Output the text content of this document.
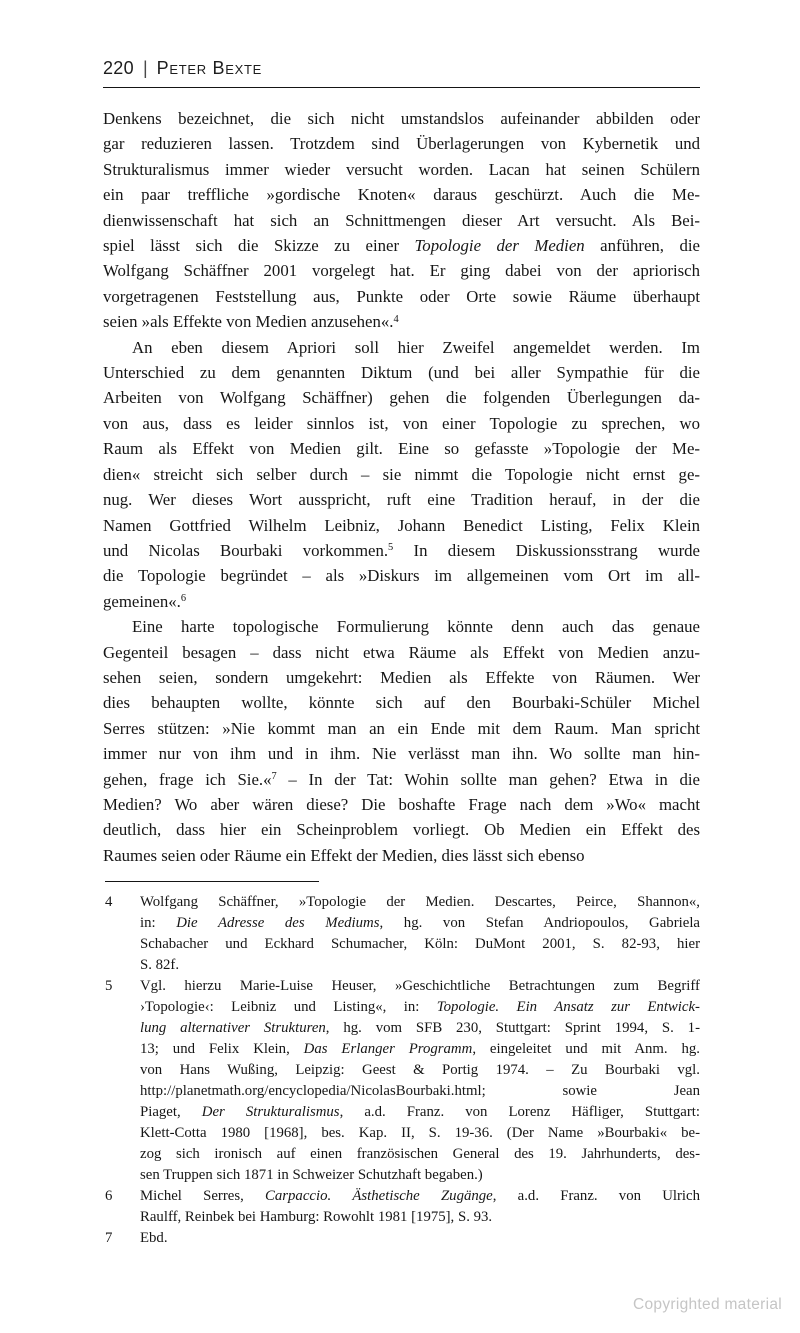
220 | Peter Bexte
Denkens bezeichnet, die sich nicht umstandslos aufeinander abbilden oder
gar reduzieren lassen. Trotzdem sind Überlagerungen von Kybernetik und
Strukturalismus immer wieder versucht worden. Lacan hat seinen Schülern
ein paar treffliche »gordische Knoten« daraus geschürzt. Auch die Me-
dienwissenschaft hat sich an Schnittmengen dieser Art versucht. Als Bei-
spiel lässt sich die Skizze zu einer Topologie der Medien anführen, die
Wolfgang Schäffner 2001 vorgelegt hat. Er ging dabei von der apriorisch
vorgetragenen Feststellung aus, Punkte oder Orte sowie Räume überhaupt
seien »als Effekte von Medien anzusehen«.$^4$
An eben diesem Apriori soll hier Zweifel angemeldet werden. Im
Unterschied zu dem genannten Diktum (und bei aller Sympathie für die
Arbeiten von Wolfgang Schäffner) gehen die folgenden Überlegungen da-
von aus, dass es leider sinnlos ist, von einer Topologie zu sprechen, wo
Raum als Effekt von Medien gilt. Eine so gefasste »Topologie der Me-
dien« streicht sich selber durch – sie nimmt die Topologie nicht ernst ge-
nug. Wer dieses Wort ausspricht, ruft eine Tradition herauf, in der die
Namen Gottfried Wilhelm Leibniz, Johann Benedict Listing, Felix Klein
und Nicolas Bourbaki vorkommen.$^5$ In diesem Diskussionsstrang wurde
die Topologie begründet – als »Diskurs im allgemeinen vom Ort im all-
gemeinen«.$^6$
Eine harte topologische Formulierung könnte denn auch das genaue
Gegenteil besagen – dass nicht etwa Räume als Effekt von Medien anzu-
sehen seien, sondern umgekehrt: Medien als Effekte von Räumen. Wer
dies behaupten wollte, könnte sich auf den Bourbaki-Schüler Michel
Serres stützen: »Nie kommt man an ein Ende mit dem Raum. Man spricht
immer nur von ihm und in ihm. Nie verlässt man ihn. Wo sollte man hin-
gehen, frage ich Sie.«$^7$ – In der Tat: Wohin sollte man gehen? Etwa in die
Medien? Wo aber wären diese? Die boshafte Frage nach dem »Wo« macht
deutlich, dass hier ein Scheinproblem vorliegt. Ob Medien ein Effekt des
Raumes seien oder Räume ein Effekt der Medien, dies lässt sich ebenso
4 Wolfgang Schäffner, »Topologie der Medien. Descartes, Peirce, Shannon«,
in: Die Adresse des Mediums, hg. von Stefan Andriopoulos, Gabriela
Schabacher und Eckhard Schumacher, Köln: DuMont 2001, S. 82-93, hier
S. 82f.
5 Vgl. hierzu Marie-Luise Heuser, »Geschichtliche Betrachtungen zum Begriff
›Topologie‹: Leibniz und Listing«, in: Topologie. Ein Ansatz zur Entwick-
lung alternativer Strukturen, hg. vom SFB 230, Stuttgart: Sprint 1994, S. 1-
13; und Felix Klein, Das Erlanger Programm, eingeleitet und mit Anm. hg.
von Hans Wußing, Leipzig: Geest & Portig 1974. – Zu Bourbaki vgl.
http://planetmath.org/encyclopedia/NicolasBourbaki.html; sowie Jean
Piaget, Der Strukturalismus, a.d. Franz. von Lorenz Häfliger, Stuttgart:
Klett-Cotta 1980 [1968], bes. Kap. II, S. 19-36. (Der Name »Bourbaki« be-
zog sich ironisch auf einen französischen General des 19. Jahrhunderts, des-
sen Truppen sich 1871 in Schweizer Schutzhaft begaben.)
6 Michel Serres, Carpaccio. Ästhetische Zugänge, a.d. Franz. von Ulrich
Raulff, Reinbek bei Hamburg: Rowohlt 1981 [1975], S. 93.
7 Ebd.
Copyrighted material
